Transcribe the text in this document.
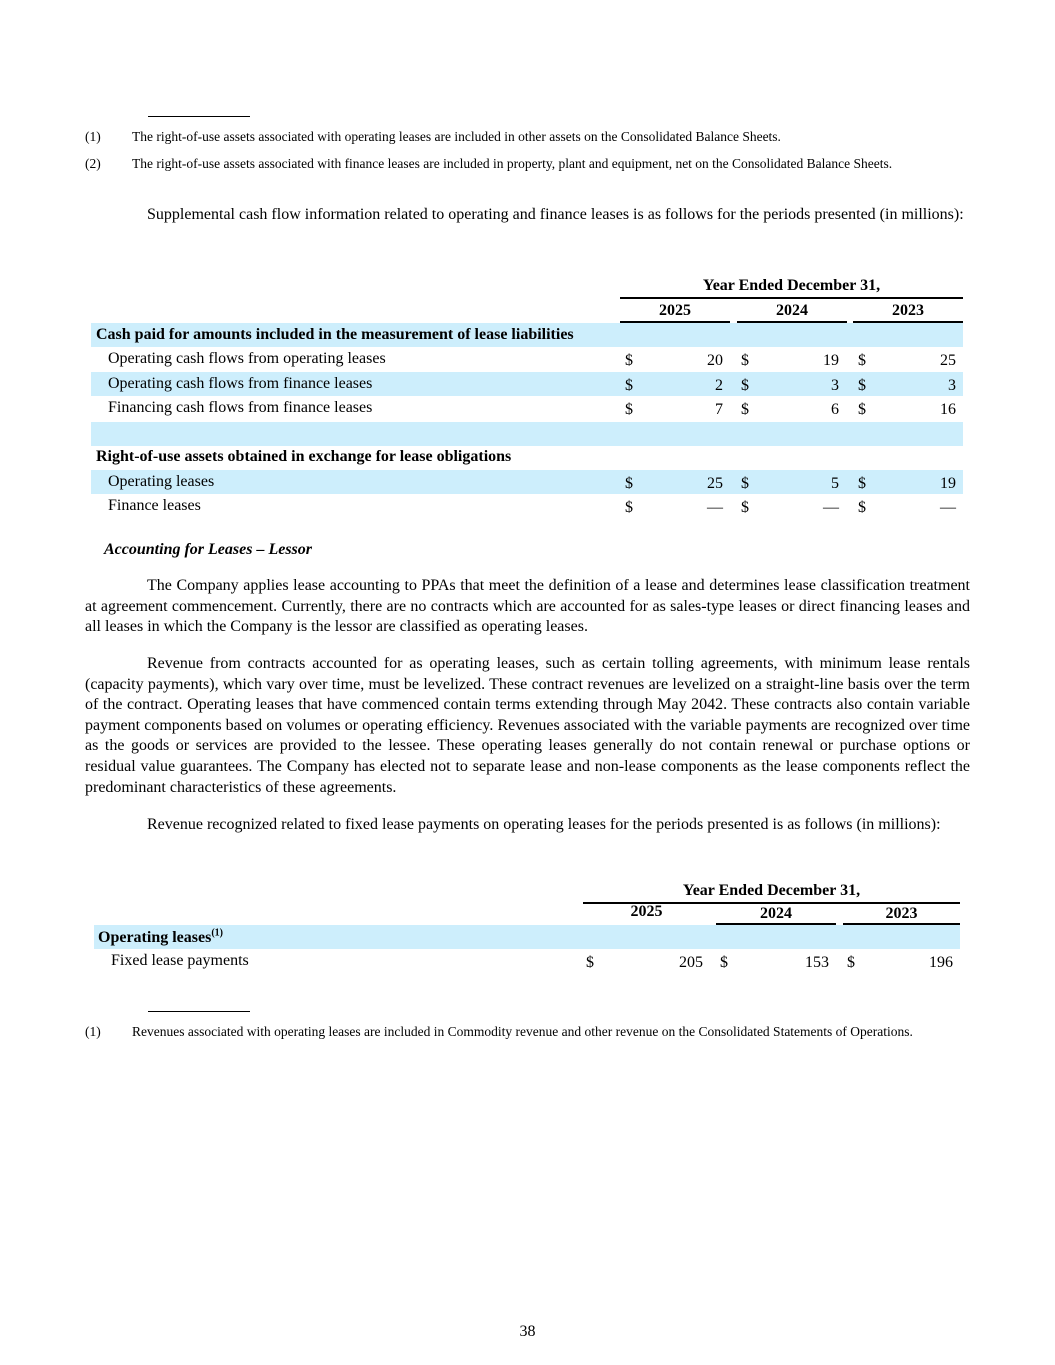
(1) The right-of-use assets associated with operating leases are included in other assets on the Consolidated Balance Sheets.
(2) The right-of-use assets associated with finance leases are included in property, plant and equipment, net on the Consolidated Balance Sheets.
Supplemental cash flow information related to operating and finance leases is as follows for the periods presented (in millions):
Year Ended December 31,
2025	2024	2023
Cash paid for amounts included in the measurement of lease liabilities
Operating cash flows from operating leases	$	20 $	19 $	25
Operating cash flows from finance leases	$	2 $	3 $	3
Financing cash flows from finance leases	$	7 $	6 $	16
Right-of-use assets obtained in exchange for lease obligations
Operating leases	$	25 $	5 $	19
Finance leases	$	— $	— $	—
Accounting for Leases – Lessor
The Company applies lease accounting to PPAs that meet the definition of a lease and determines lease classification treatment at agreement commencement. Currently, there are no contracts which are accounted for as sales-type leases or direct financing leases and all leases in which the Company is the lessor are classified as operating leases.
Revenue from contracts accounted for as operating leases, such as certain tolling agreements, with minimum lease rentals (capacity payments), which vary over time, must be levelized. These contract revenues are levelized on a straight-line basis over the term of the contract. Operating leases that have commenced contain terms extending through May 2042. These contracts also contain variable payment components based on volumes or operating efficiency. Revenues associated with the variable payments are recognized over time as the goods or services are provided to the lessee. These operating leases generally do not contain renewal or purchase options or residual value guarantees. The Company has elected not to separate lease and non-lease components as the lease components reflect the predominant characteristics of these agreements.
Revenue recognized related to fixed lease payments on operating leases for the periods presented is as follows (in millions):
Year Ended December 31,
2025	2024	2023
Operating leases$^{(1)}$
Fixed lease payments	$	205 $	153 $	196
(1) Revenues associated with operating leases are included in Commodity revenue and other revenue on the Consolidated Statements of Operations.
38
